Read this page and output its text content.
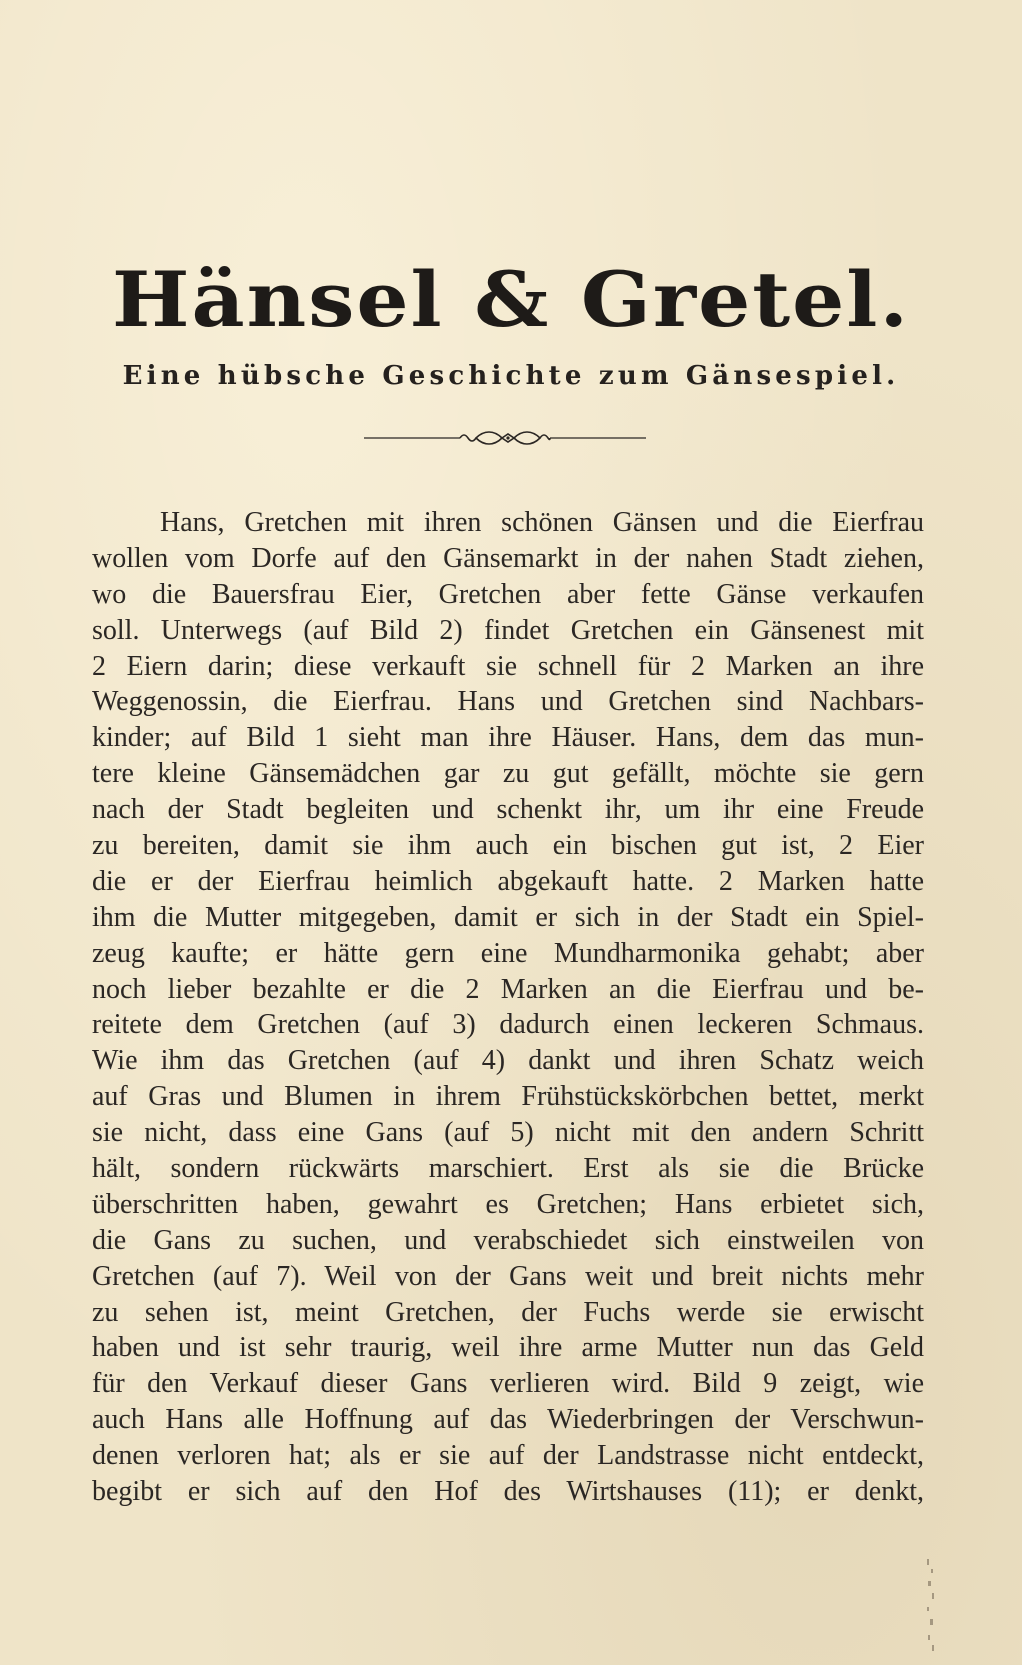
Hänsel & Gretel.
Eine hübsche Geschichte zum Gänsespiel.
Hans, Gretchen mit ihren schönen Gänsen und die Eierfrau
wollen vom Dorfe auf den Gänsemarkt in der nahen Stadt ziehen,
wo die Bauersfrau Eier, Gretchen aber fette Gänse verkaufen
soll. Unterwegs (auf Bild 2) findet Gretchen ein Gänsenest mit
2 Eiern darin; diese verkauft sie schnell für 2 Marken an ihre
Weggenossin, die Eierfrau. Hans und Gretchen sind Nachbars-
kinder; auf Bild 1 sieht man ihre Häuser. Hans, dem das mun-
tere kleine Gänsemädchen gar zu gut gefällt, möchte sie gern
nach der Stadt begleiten und schenkt ihr, um ihr eine Freude
zu bereiten, damit sie ihm auch ein bischen gut ist, 2 Eier
die er der Eierfrau heimlich abgekauft hatte. 2 Marken hatte
ihm die Mutter mitgegeben, damit er sich in der Stadt ein Spiel-
zeug kaufte; er hätte gern eine Mundharmonika gehabt; aber
noch lieber bezahlte er die 2 Marken an die Eierfrau und be-
reitete dem Gretchen (auf 3) dadurch einen leckeren Schmaus.
Wie ihm das Gretchen (auf 4) dankt und ihren Schatz weich
auf Gras und Blumen in ihrem Frühstückskörbchen bettet, merkt
sie nicht, dass eine Gans (auf 5) nicht mit den andern Schritt
hält, sondern rückwärts marschiert. Erst als sie die Brücke
überschritten haben, gewahrt es Gretchen; Hans erbietet sich,
die Gans zu suchen, und verabschiedet sich einstweilen von
Gretchen (auf 7). Weil von der Gans weit und breit nichts mehr
zu sehen ist, meint Gretchen, der Fuchs werde sie erwischt
haben und ist sehr traurig, weil ihre arme Mutter nun das Geld
für den Verkauf dieser Gans verlieren wird. Bild 9 zeigt, wie
auch Hans alle Hoffnung auf das Wiederbringen der Verschwun-
denen verloren hat; als er sie auf der Landstrasse nicht entdeckt,
begibt er sich auf den Hof des Wirtshauses (11); er denkt,
